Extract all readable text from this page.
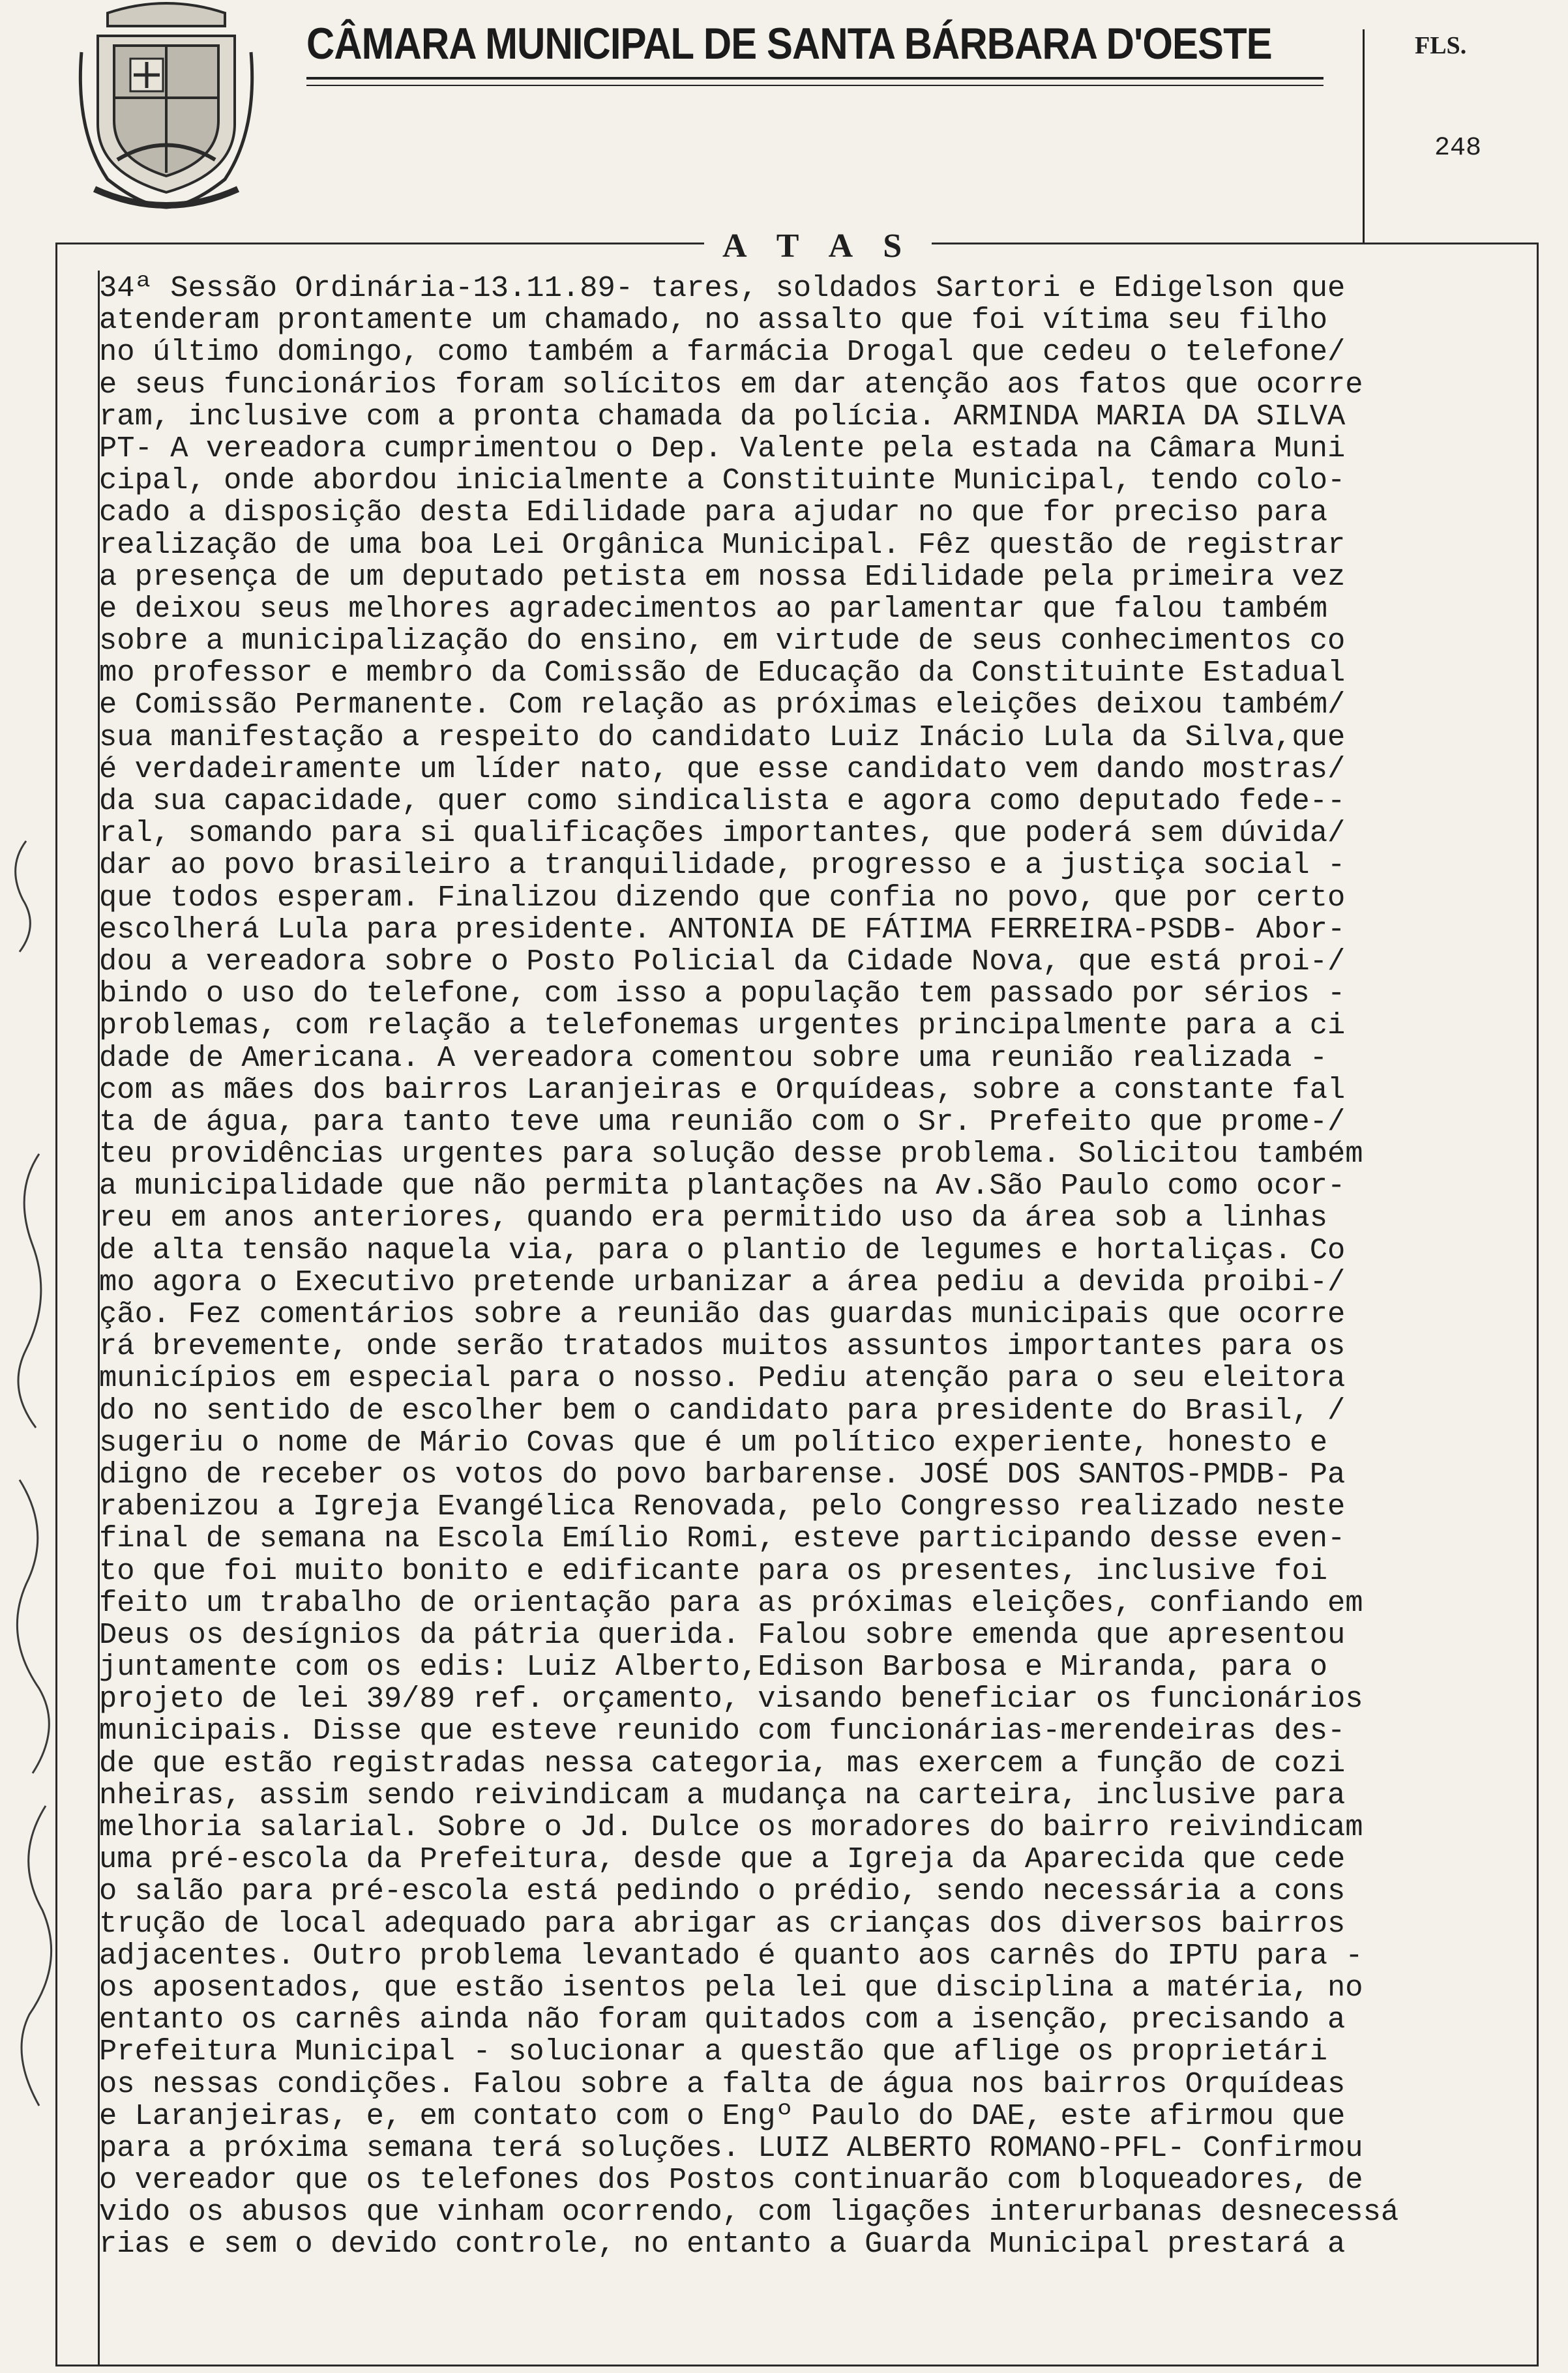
CÂMARA MUNICIPAL DE SANTA BÁRBARA D'OESTE	FLS.
248
A T A S
34ª Sessão Ordinária-13.11.89- tares, soldados Sartori e Edigelson que
atenderam prontamente um chamado, no assalto que foi vítima seu filho
no último domingo, como também a farmácia Drogal que cedeu o telefone/
e seus funcionários foram solícitos em dar atenção aos fatos que ocorre
ram, inclusive com a pronta chamada da polícia. ARMINDA MARIA DA SILVA
PT- A vereadora cumprimentou o Dep. Valente pela estada na Câmara Muni
cipal, onde abordou inicialmente a Constituinte Municipal, tendo colo-
cado a disposição desta Edilidade para ajudar no que for preciso para
realização de uma boa Lei Orgânica Municipal. Fêz questão de registrar
a presença de um deputado petista em nossa Edilidade pela primeira vez
e deixou seus melhores agradecimentos ao parlamentar que falou também
sobre a municipalização do ensino, em virtude de seus conhecimentos co
mo professor e membro da Comissão de Educação da Constituinte Estadual
e Comissão Permanente. Com relação as próximas eleições deixou também/
sua manifestação a respeito do candidato Luiz Inácio Lula da Silva,que
é verdadeiramente um líder nato, que esse candidato vem dando mostras/
da sua capacidade, quer como sindicalista e agora como deputado fede--
ral, somando para si qualificações importantes, que poderá sem dúvida/
dar ao povo brasileiro a tranquilidade, progresso e a justiça social -
que todos esperam. Finalizou dizendo que confia no povo, que por certo
escolherá Lula para presidente. ANTONIA DE FÁTIMA FERREIRA-PSDB- Abor-
dou a vereadora sobre o Posto Policial da Cidade Nova, que está proi-/
bindo o uso do telefone, com isso a população tem passado por sérios -
problemas, com relação a telefonemas urgentes principalmente para a ci
dade de Americana. A vereadora comentou sobre uma reunião realizada -
com as mães dos bairros Laranjeiras e Orquídeas, sobre a constante fal
ta de água, para tanto teve uma reunião com o Sr. Prefeito que prome-/
teu providências urgentes para solução desse problema. Solicitou também
a municipalidade que não permita plantações na Av.São Paulo como ocor-
reu em anos anteriores, quando era permitido uso da área sob a linhas
de alta tensão naquela via, para o plantio de legumes e hortaliças. Co
mo agora o Executivo pretende urbanizar a área pediu a devida proibi-/
ção. Fez comentários sobre a reunião das guardas municipais que ocorre
rá brevemente, onde serão tratados muitos assuntos importantes para os
municípios em especial para o nosso. Pediu atenção para o seu eleitora
do no sentido de escolher bem o candidato para presidente do Brasil, /
sugeriu o nome de Mário Covas que é um político experiente, honesto e
digno de receber os votos do povo barbarense. JOSÉ DOS SANTOS-PMDB- Pa
rabenizou a Igreja Evangélica Renovada, pelo Congresso realizado neste
final de semana na Escola Emílio Romi, esteve participando desse even-
to que foi muito bonito e edificante para os presentes, inclusive foi
feito um trabalho de orientação para as próximas eleições, confiando em
Deus os desígnios da pátria querida. Falou sobre emenda que apresentou
juntamente com os edis: Luiz Alberto,Edison Barbosa e Miranda, para o
projeto de lei 39/89 ref. orçamento, visando beneficiar os funcionários
municipais. Disse que esteve reunido com funcionárias-merendeiras des-
de que estão registradas nessa categoria, mas exercem a função de cozi
nheiras, assim sendo reivindicam a mudança na carteira, inclusive para
melhoria salarial. Sobre o Jd. Dulce os moradores do bairro reivindicam
uma pré-escola da Prefeitura, desde que a Igreja da Aparecida que cede
o salão para pré-escola está pedindo o prédio, sendo necessária a cons
trução de local adequado para abrigar as crianças dos diversos bairros
adjacentes. Outro problema levantado é quanto aos carnês do IPTU para -
os aposentados, que estão isentos pela lei que disciplina a matéria, no
entanto os carnês ainda não foram quitados com a isenção, precisando a
Prefeitura Municipal - solucionar a questão que aflige os proprietári
os nessas condições. Falou sobre a falta de água nos bairros Orquídeas
e Laranjeiras, e, em contato com o Engº Paulo do DAE, este afirmou que
para a próxima semana terá soluções. LUIZ ALBERTO ROMANO-PFL- Confirmou
o vereador que os telefones dos Postos continuarão com bloqueadores, de
vido os abusos que vinham ocorrendo, com ligações interurbanas desnecessá
rias e sem o devido controle, no entanto a Guarda Municipal prestará a
